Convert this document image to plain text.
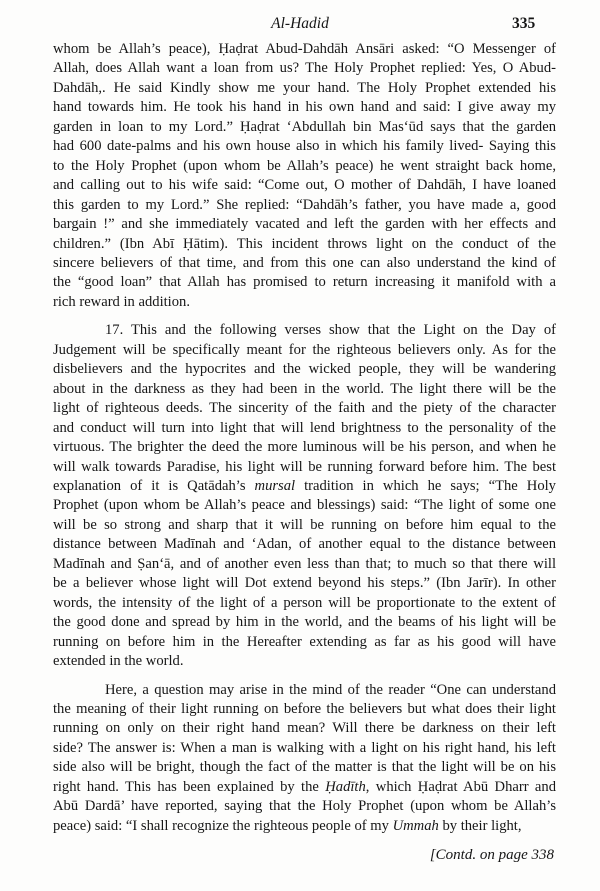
Al-Hadid	335

whom be Allah’s peace), Ḥaḍrat Abud-Dahdāh Ansāri asked: “O Messenger of
Allah, does Allah want a loan from us? The Holy Prophet replied: Yes, O Abud-
Dahdāh,. He said Kindly show me your hand. The Holy Prophet extended his
hand towards him. He took his hand in his own hand and said: I give away my
garden in loan to my Lord.” Ḥaḍrat ‘Abdullah bin Mas‘ūd says that the garden
had 600 date-palms and his own house also in which his family lived- Saying this
to the Holy Prophet (upon whom be Allah’s peace) he went straight back home,
and calling out to his wife said: “Come out, O mother of Dahdāh, I have loaned
this garden to my Lord.” She replied: “Dahdāh’s father, you have made a, good
bargain !” and she immediately vacated and left the garden with her effects and
children.” (Ibn Abī Ḥātim). This incident throws light on the conduct of the
sincere believers of that time, and from this one can also understand the kind of
the “good loan” that Allah has promised to return increasing it manifold with a
rich reward in addition.

17. This and the following verses show that the Light on the Day of
Judgement will be specifically meant for the righteous believers only. As for the
disbelievers and the hypocrites and the wicked people, they will be wandering
about in the darkness as they had been in the world. The light there will be the
light of righteous deeds. The sincerity of the faith and the piety of the character
and conduct will turn into light that will lend brightness to the personality of the
virtuous. The brighter the deed the more luminous will be his person, and when he
will walk towards Paradise, his light will be running forward before him. The best
explanation of it is Qatādah’s mursal tradition in which he says; “The Holy
Prophet (upon whom be Allah’s peace and blessings) said: “The light of some one
will be so strong and sharp that it will be running on before him equal to the
distance between Madīnah and ‘Adan, of another equal to the distance between
Madīnah and Ṣan‘ā, and of another even less than that; to much so that there will
be a believer whose light will Dot extend beyond his steps.” (Ibn Jarīr). In other
words, the intensity of the light of a person will be proportionate to the extent of
the good done and spread by him in the world, and the beams of his light will be
running on before him in the Hereafter extending as far as his good will have
extended in the world.

Here, a question may arise in the mind of the reader “One can understand
the meaning of their light running on before the believers but what does their light
running on only on their right hand mean? Will there be darkness on their left
side? The answer is: When a man is walking with a light on his right hand, his left
side also will be bright, though the fact of the matter is that the light will be on his
right hand. This has been explained by the Ḥadīth, which Ḥaḍrat Abū Dharr and
Abū Dardā’ have reported, saying that the Holy Prophet (upon whom be Allah’s
peace) said: “I shall recognize the righteous people of my Ummah by their light,

[Contd. on page 338
